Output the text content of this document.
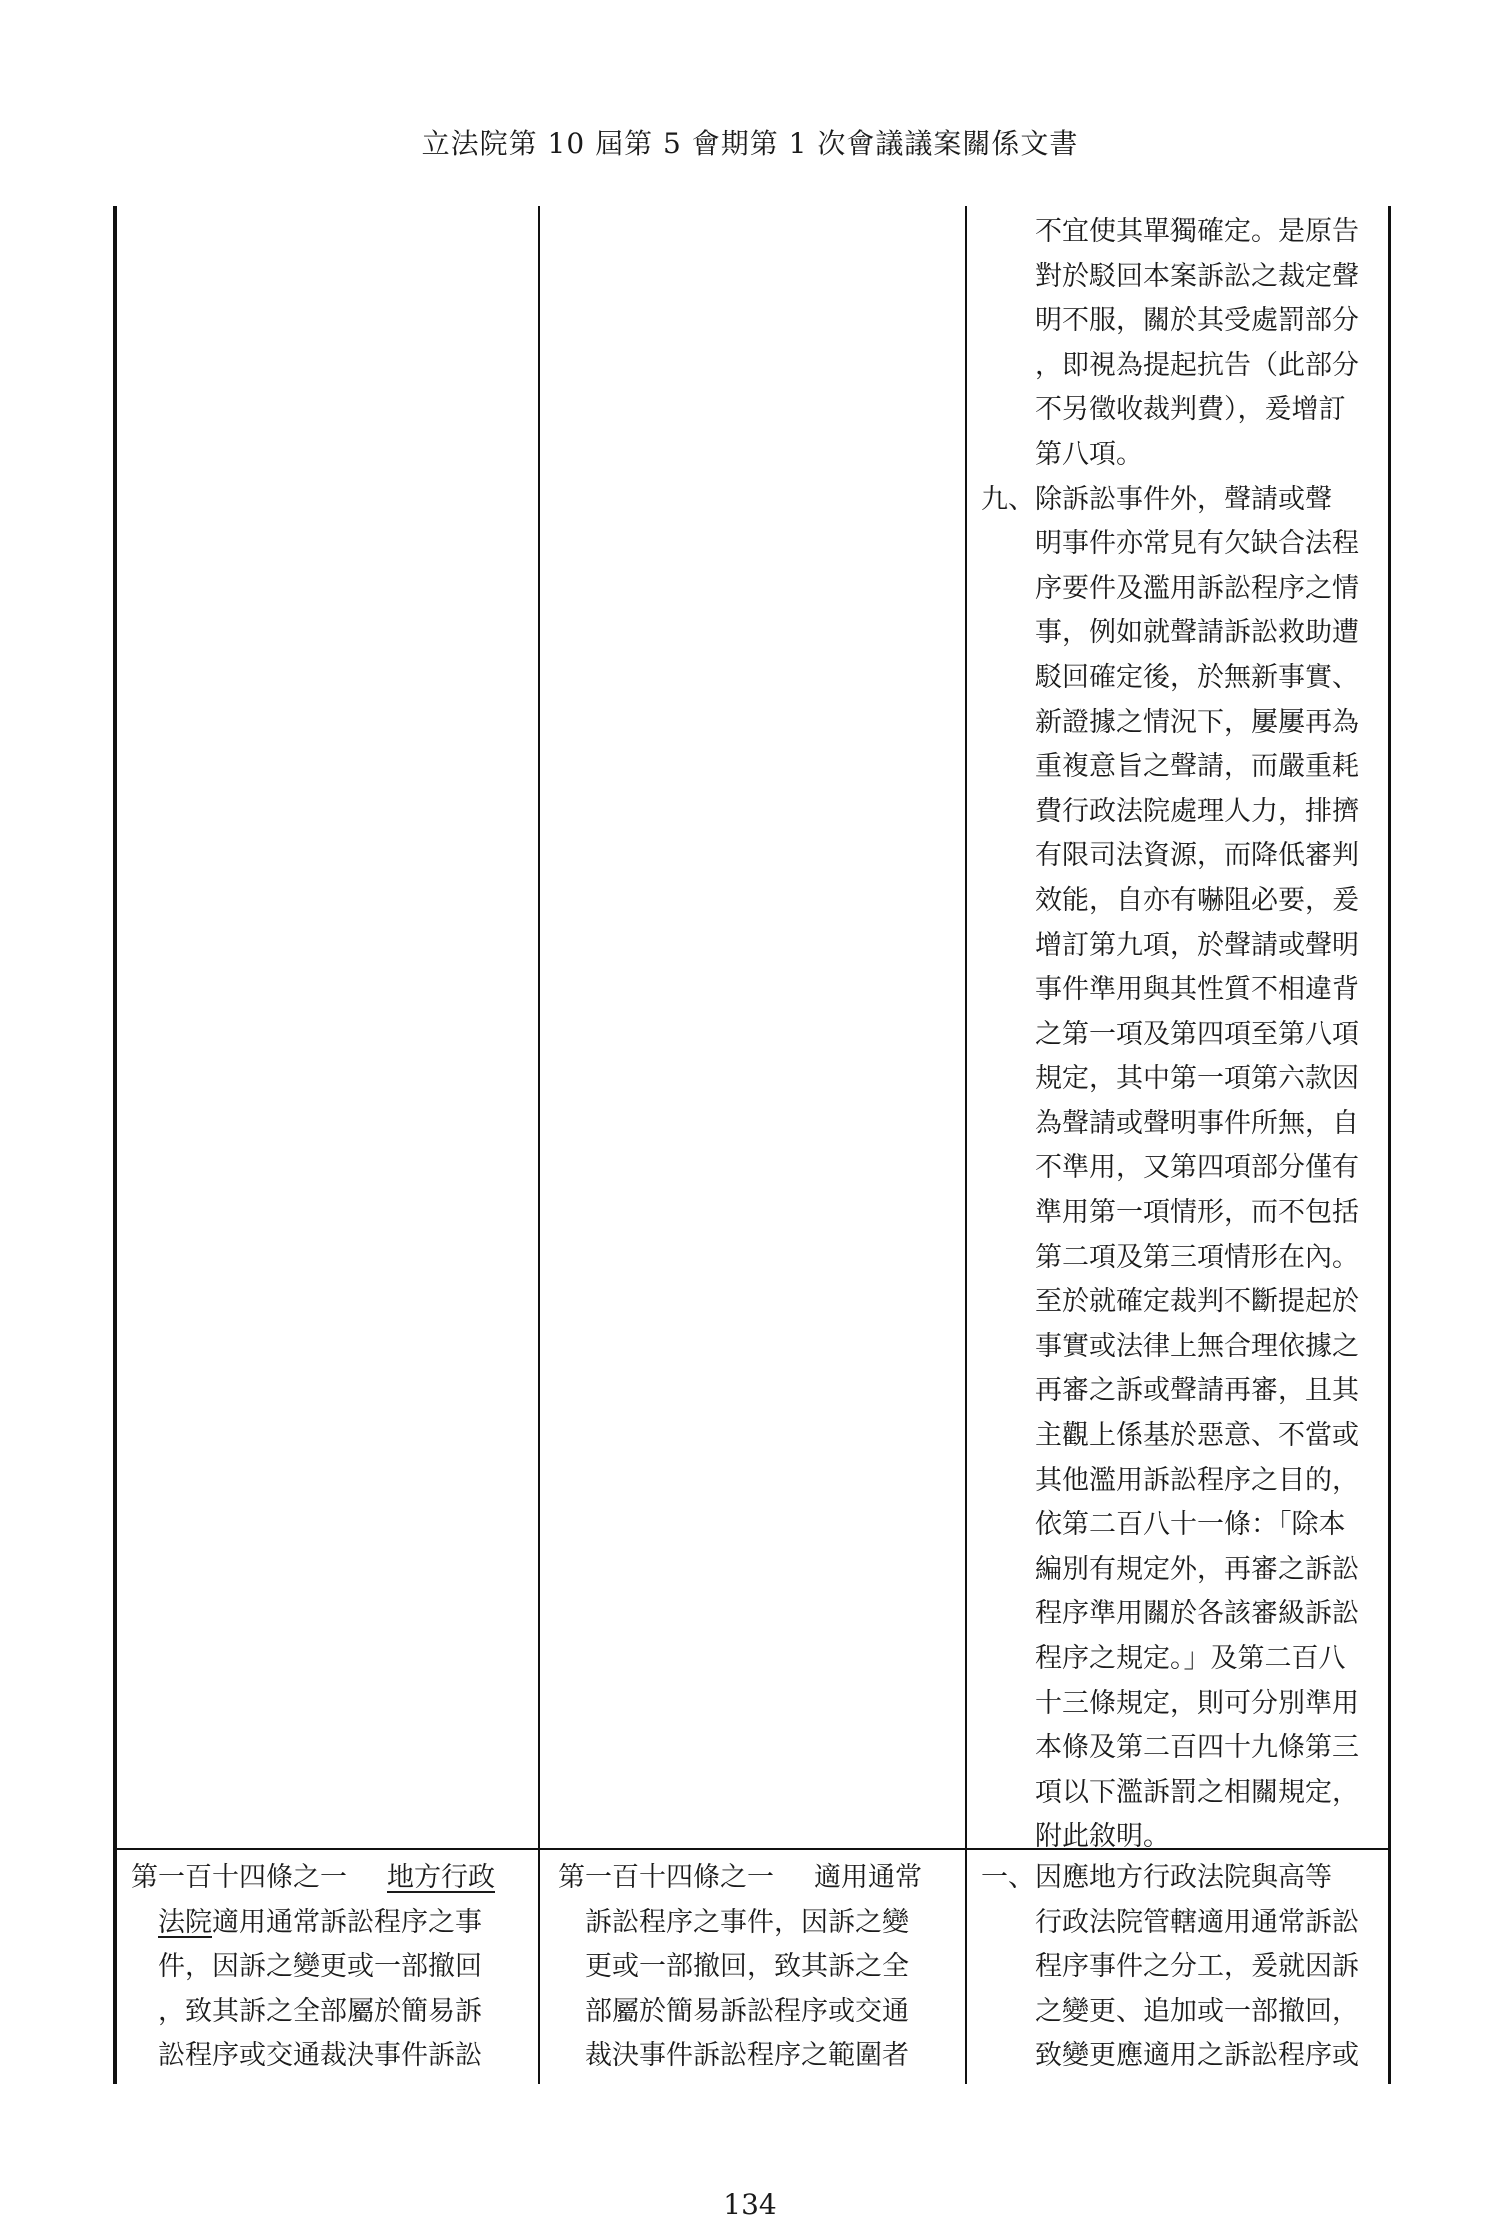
立法院第 10 屆第 5 會期第 1 次會議議案關係文書
不宜使其單獨確定。是原告
對於駁回本案訴訟之裁定聲
明不服，關於其受處罰部分
，即視為提起抗告（此部分
不另徵收裁判費），爰增訂
第八項。
九、除訴訟事件外，聲請或聲
明事件亦常見有欠缺合法程
序要件及濫用訴訟程序之情
事，例如就聲請訴訟救助遭
駁回確定後，於無新事實、
新證據之情況下，屢屢再為
重複意旨之聲請，而嚴重耗
費行政法院處理人力，排擠
有限司法資源，而降低審判
效能，自亦有嚇阻必要，爰
增訂第九項，於聲請或聲明
事件準用與其性質不相違背
之第一項及第四項至第八項
規定，其中第一項第六款因
為聲請或聲明事件所無，自
不準用，又第四項部分僅有
準用第一項情形，而不包括
第二項及第三項情形在內。
至於就確定裁判不斷提起於
事實或法律上無合理依據之
再審之訴或聲請再審，且其
主觀上係基於惡意、不當或
其他濫用訴訟程序之目的，
依第二百八十一條：「除本
編別有規定外，再審之訴訟
程序準用關於各該審級訴訟
程序之規定。」及第二百八
十三條規定，則可分別準用
本條及第二百四十九條第三
項以下濫訴罰之相關規定，
附此敘明。
第一百十四條之一 地方行政
法院適用通常訴訟程序之事
件，因訴之變更或一部撤回
，致其訴之全部屬於簡易訴
訟程序或交通裁決事件訴訟
第一百十四條之一 適用通常
訴訟程序之事件，因訴之變
更或一部撤回，致其訴之全
部屬於簡易訴訟程序或交通
裁決事件訴訟程序之範圍者
一、因應地方行政法院與高等
行政法院管轄適用通常訴訟
程序事件之分工，爰就因訴
之變更、追加或一部撤回，
致變更應適用之訴訟程序或
134
